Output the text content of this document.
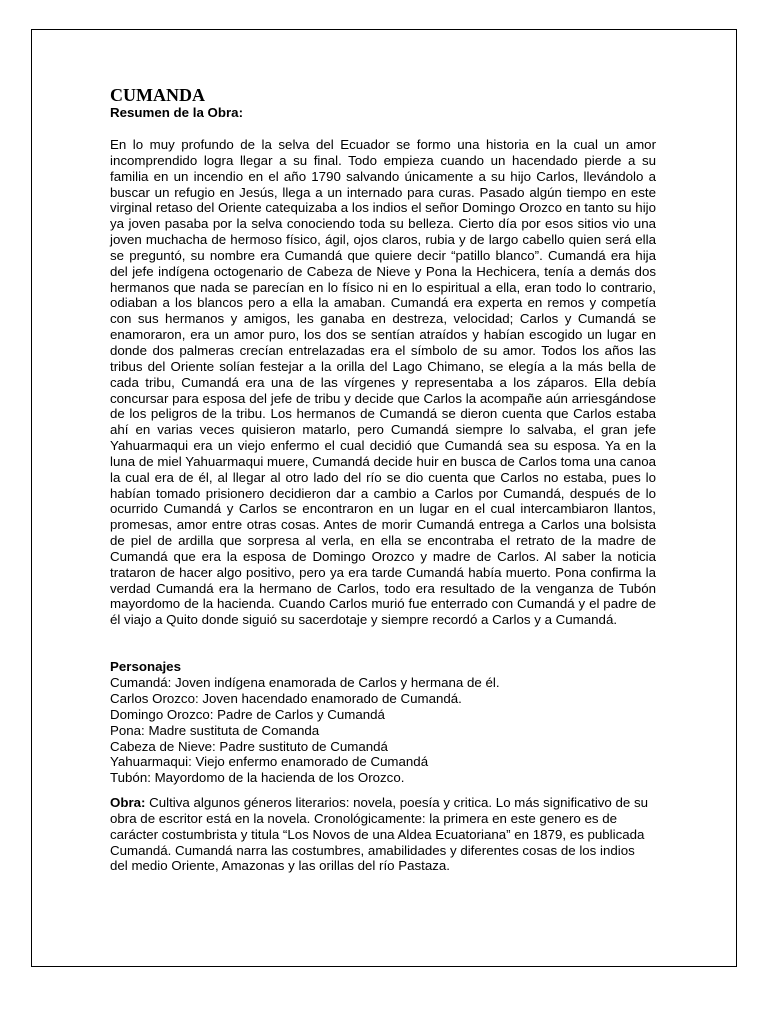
CUMANDA
Resumen de la Obra:

En lo muy profundo de la selva del Ecuador se formo una historia en la cual un amor incomprendido logra llegar a su final. Todo empieza cuando un hacendado pierde a su familia en un incendio en el año 1790 salvando únicamente a su hijo Carlos, llevándolo a buscar un refugio en Jesús, llega a un internado para curas. Pasado algún tiempo en este virginal retaso del Oriente catequizaba a los indios el señor Domingo Orozco en tanto su hijo ya joven pasaba por la selva conociendo toda su belleza. Cierto día por esos sitios vio una joven muchacha de hermoso físico, ágil, ojos claros, rubia y de largo cabello quien será ella se preguntó, su nombre era Cumandá que quiere decir “patillo blanco”. Cumandá era hija del jefe indígena octogenario de Cabeza de Nieve y Pona la Hechicera, tenía a demás dos hermanos que nada se parecían en lo físico ni en lo espiritual a ella, eran todo lo contrario, odiaban a los blancos pero a ella la amaban. Cumandá era experta en remos y competía con sus hermanos y amigos, les ganaba en destreza, velocidad; Carlos y Cumandá se enamoraron, era un amor puro, los dos se sentían atraídos y habían escogido un lugar en donde dos palmeras crecían entrelazadas era el símbolo de su amor. Todos los años las tribus del Oriente solían festejar a la orilla del Lago Chimano, se elegía a la más bella de cada tribu, Cumandá era una de las vírgenes y representaba a los záparos. Ella debía concursar para esposa del jefe de tribu y decide que Carlos la acompañe aún arriesgándose de los peligros de la tribu. Los hermanos de Cumandá se dieron cuenta que Carlos estaba ahí en varias veces quisieron matarlo, pero Cumandá siempre lo salvaba, el gran jefe Yahuarmaqui era un viejo enfermo el cual decidió que Cumandá sea su esposa. Ya en la luna de miel Yahuarmaqui muere, Cumandá decide huir en busca de Carlos toma una canoa la cual era de él, al llegar al otro lado del río se dio cuenta que Carlos no estaba, pues lo habían tomado prisionero decidieron dar a cambio a Carlos por Cumandá, después de lo ocurrido Cumandá y Carlos se encontraron en un lugar en el cual intercambiaron llantos, promesas, amor entre otras cosas. Antes de morir Cumandá entrega a Carlos una bolsista de piel de ardilla que sorpresa al verla, en ella se encontraba el retrato de la madre de Cumandá que era la esposa de Domingo Orozco y madre de Carlos. Al saber la noticia trataron de hacer algo positivo, pero ya era tarde Cumandá había muerto. Pona confirma la verdad Cumandá era la hermano de Carlos, todo era resultado de la venganza de Tubón mayordomo de la hacienda. Cuando Carlos murió fue enterrado con Cumandá y el padre de él viajo a Quito donde siguió su sacerdotaje y siempre recordó a Carlos y a Cumandá.

Personajes
Cumandá: Joven indígena enamorada de Carlos y hermana de él.
Carlos Orozco: Joven hacendado enamorado de Cumandá.
Domingo Orozco: Padre de Carlos y Cumandá
Pona: Madre sustituta de Comanda
Cabeza de Nieve: Padre sustituto de Cumandá
Yahuarmaqui: Viejo enfermo enamorado de Cumandá
Tubón: Mayordomo de la hacienda de los Orozco.

Obra: Cultiva algunos géneros literarios: novela, poesía y critica. Lo más significativo de su obra de escritor está en la novela. Cronológicamente: la primera en este genero es de carácter costumbrista y titula “Los Novos de una Aldea Ecuatoriana” en 1879, es publicada Cumandá. Cumandá narra las costumbres, amabilidades y diferentes cosas de los indios del medio Oriente, Amazonas y las orillas del río Pastaza.
